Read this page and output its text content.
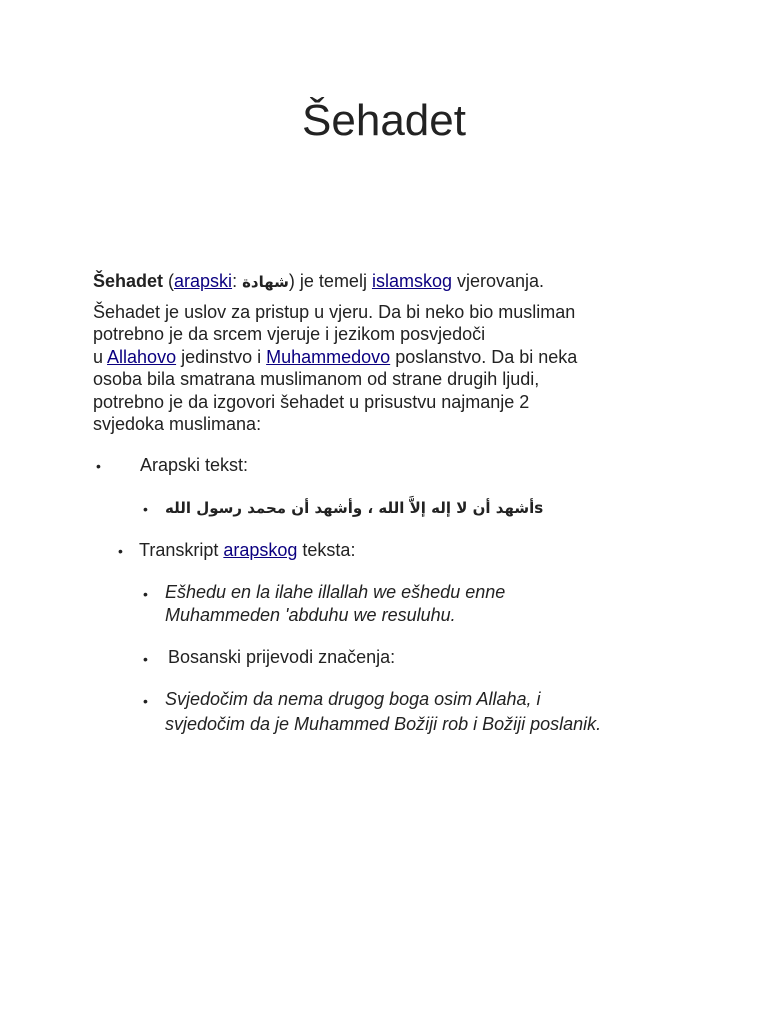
Šehadet

Šehadet (arapski: شهادة) je temelj islamskog vjerovanja.

Šehadet je uslov za pristup u vjeru. Da bi neko bio musliman
potrebno je da srcem vjeruje i jezikom posvjedoči
u Allahovo jedinstvo i Muhammedovo poslanstvo. Da bi neka
osoba bila smatrana muslimanom od strane drugih ljudi,
potrebno je da izgovori šehadet u prisustvu najmanje 2
svjedoka muslimana:

• Arapski tekst:
• أشهد أن لا إله إلاَّ الله ، وأشهد أن محمد رسول اللهs
• Transkript arapskog teksta:
• Ešhedu en la ilahe illallah we ešhedu enne
Muhammeden 'abduhu we resuluhu.
• Bosanski prijevodi značenja:
• Svjedočim da nema drugog boga osim Allaha, i
svjedočim da je Muhammed Božiji rob i Božiji poslanik.
